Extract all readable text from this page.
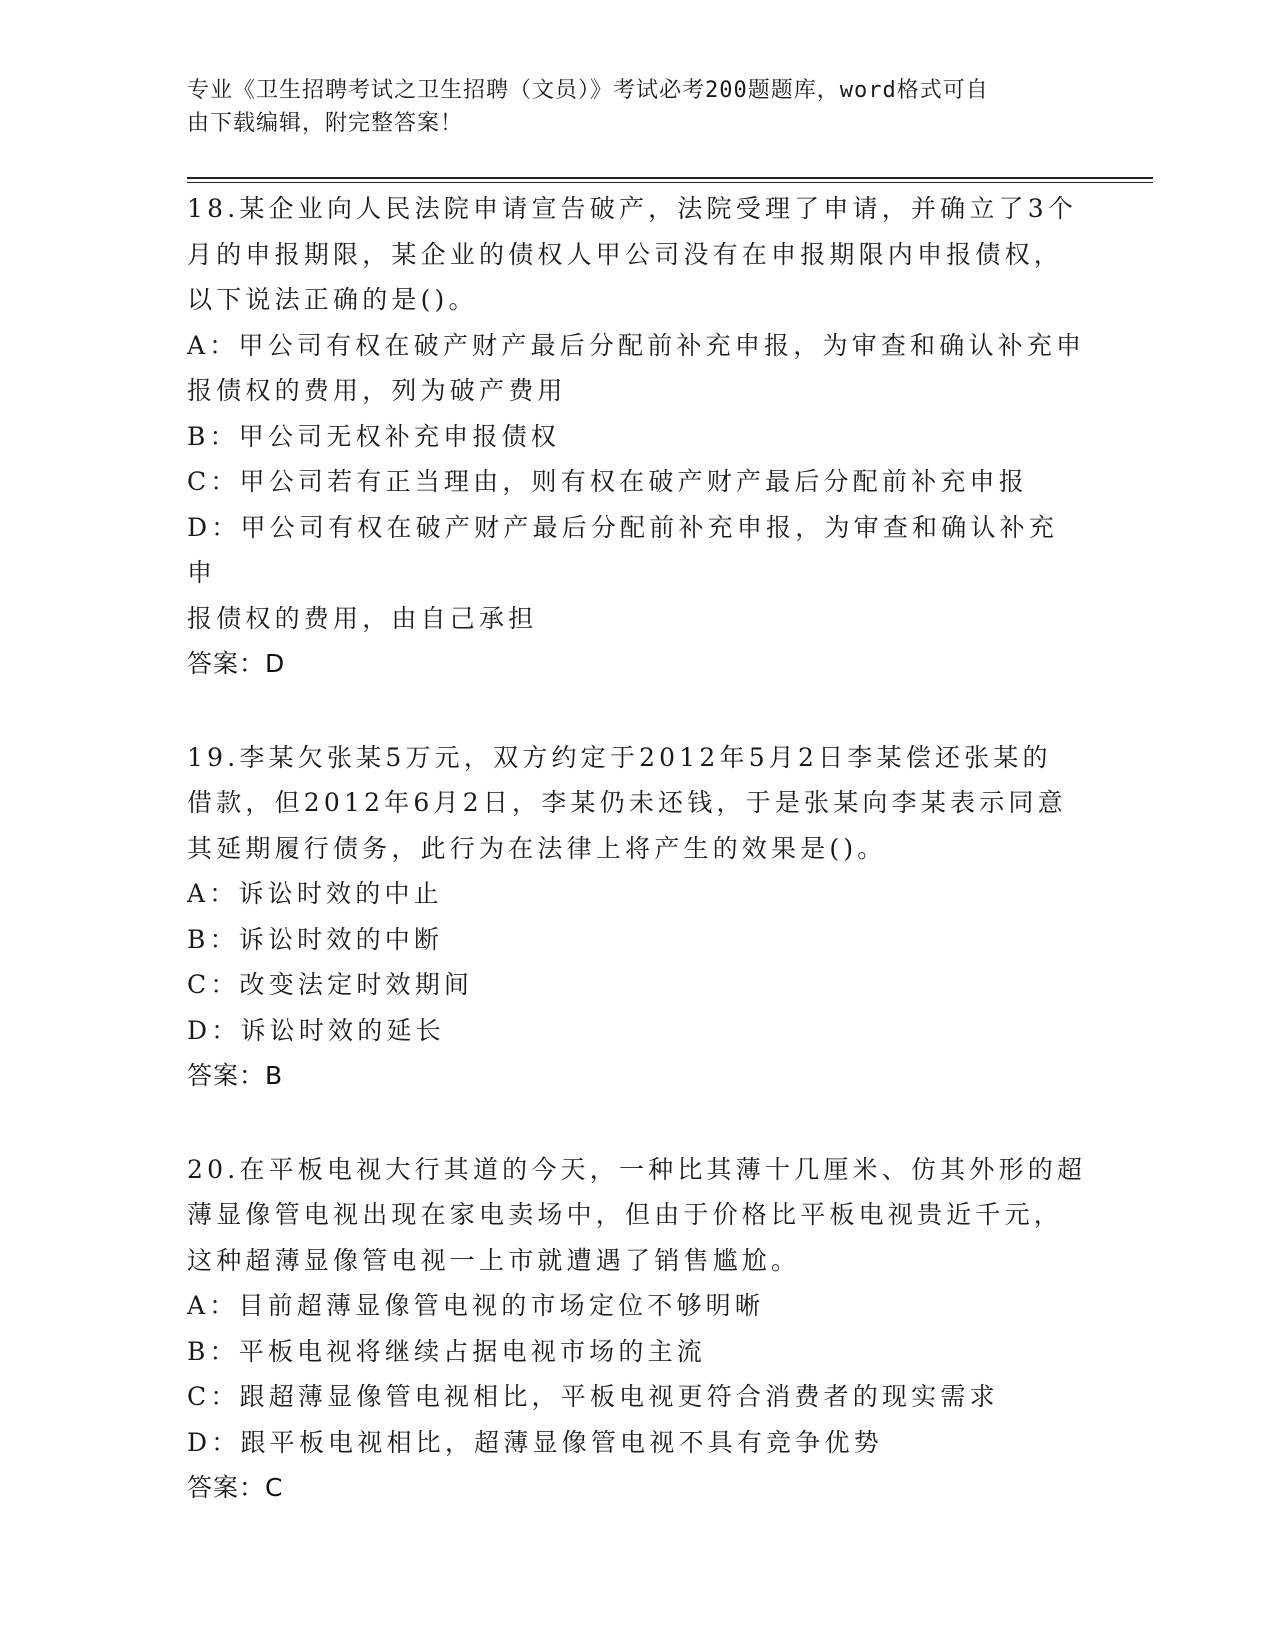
专业《卫生招聘考试之卫生招聘（文员）》考试必考200题题库，word格式可自
由下载编辑，附完整答案！
18.某企业向人民法院申请宣告破产，法院受理了申请，并确立了3个
月的申报期限，某企业的债权人甲公司没有在申报期限内申报债权，
以下说法正确的是()。
A：甲公司有权在破产财产最后分配前补充申报，为审查和确认补充申
报债权的费用，列为破产费用
B：甲公司无权补充申报债权
C：甲公司若有正当理由，则有权在破产财产最后分配前补充申报
D：甲公司有权在破产财产最后分配前补充申报，为审查和确认补充申
报债权的费用，由自己承担
答案：D
19.李某欠张某5万元，双方约定于2012年5月2日李某偿还张某的
借款，但2012年6月2日，李某仍未还钱，于是张某向李某表示同意
其延期履行债务，此行为在法律上将产生的效果是()。
A：诉讼时效的中止
B：诉讼时效的中断
C：改变法定时效期间
D：诉讼时效的延长
答案：B
20.在平板电视大行其道的今天，一种比其薄十几厘米、仿其外形的超
薄显像管电视出现在家电卖场中，但由于价格比平板电视贵近千元，
这种超薄显像管电视一上市就遭遇了销售尴尬。
A：目前超薄显像管电视的市场定位不够明晰
B：平板电视将继续占据电视市场的主流
C：跟超薄显像管电视相比，平板电视更符合消费者的现实需求
D：跟平板电视相比，超薄显像管电视不具有竞争优势
答案：C
